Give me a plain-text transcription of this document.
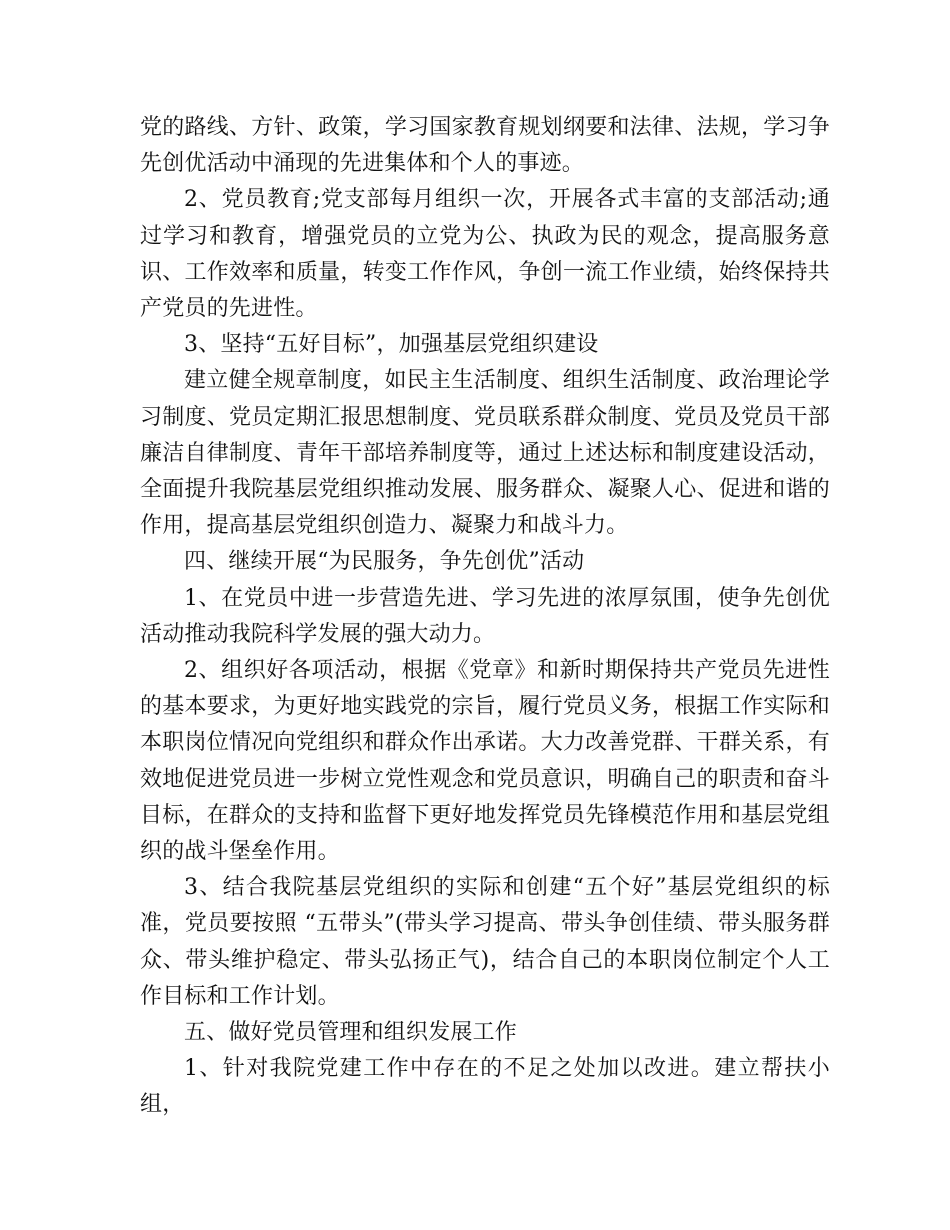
党的路线、方针、政策，学习国家教育规划纲要和法律、法规，学习争先创优活动中涌现的先进集体和个人的事迹。

2、党员教育;党支部每月组织一次，开展各式丰富的支部活动;通过学习和教育，增强党员的立党为公、执政为民的观念，提高服务意识、工作效率和质量，转变工作作风，争创一流工作业绩，始终保持共产党员的先进性。

3、坚持“五好目标”，加强基层党组织建设

建立健全规章制度，如民主生活制度、组织生活制度、政治理论学习制度、党员定期汇报思想制度、党员联系群众制度、党员及党员干部廉洁自律制度、青年干部培养制度等，通过上述达标和制度建设活动，全面提升我院基层党组织推动发展、服务群众、凝聚人心、促进和谐的作用，提高基层党组织创造力、凝聚力和战斗力。

四、继续开展“为民服务，争先创优”活动

1、在党员中进一步营造先进、学习先进的浓厚氛围，使争先创优活动推动我院科学发展的强大动力。

2、组织好各项活动，根据《党章》和新时期保持共产党员先进性的基本要求，为更好地实践党的宗旨，履行党员义务，根据工作实际和本职岗位情况向党组织和群众作出承诺。大力改善党群、干群关系，有效地促进党员进一步树立党性观念和党员意识，明确自己的职责和奋斗目标，在群众的支持和监督下更好地发挥党员先锋模范作用和基层党组织的战斗堡垒作用。

3、结合我院基层党组织的实际和创建“五个好”基层党组织的标准，党员要按照 “五带头”(带头学习提高、带头争创佳绩、带头服务群众、带头维护稳定、带头弘扬正气)，结合自己的本职岗位制定个人工作目标和工作计划。

五、做好党员管理和组织发展工作

1、针对我院党建工作中存在的不足之处加以改进。建立帮扶小组，
